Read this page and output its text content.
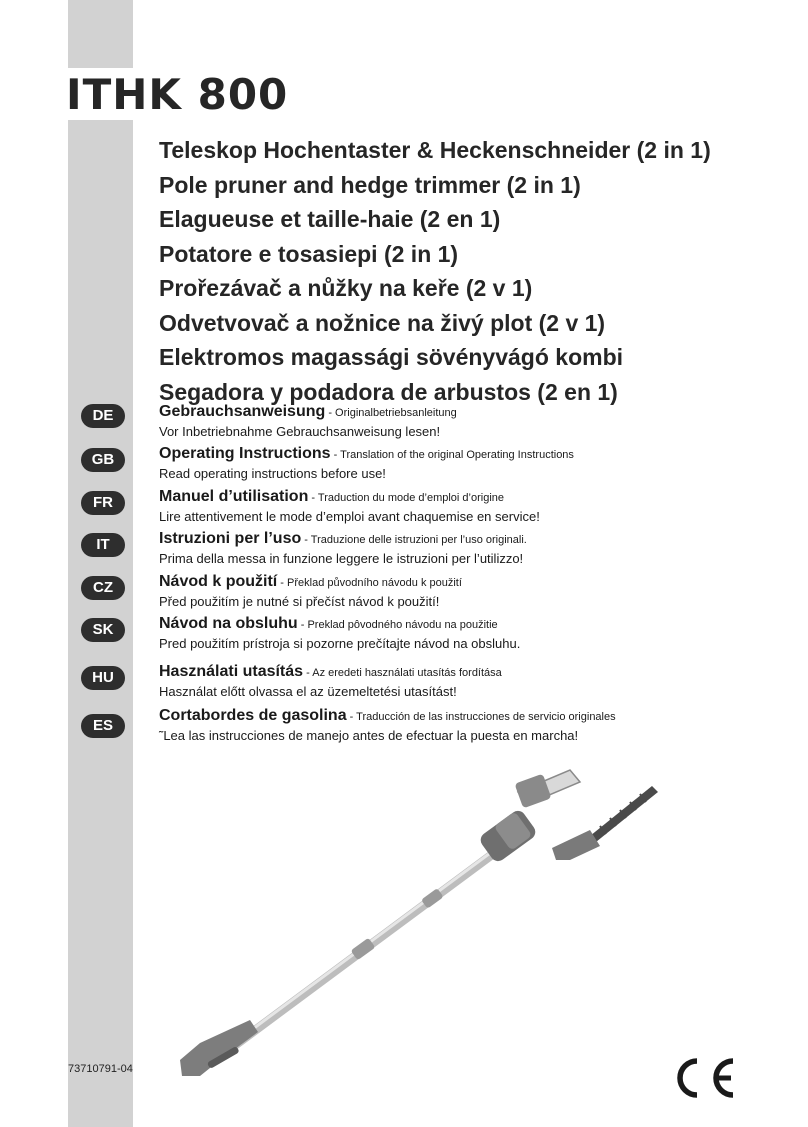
ITHK 800
Teleskop Hochentaster & Heckenschneider (2 in 1)
Pole pruner and hedge trimmer (2 in 1)
Elagueuse et taille-haie (2 en 1)
Potatore e tosasiepi (2 in 1)
Prořezávač a nůžky na keře (2 v 1)
Odvetvovač a nožnice na živý plot (2 v 1)
Elektromos magassági sövényvágó kombi
Segadora y podadora de arbustos (2 en 1)
DE
GB
FR
IT
CZ
SK
HU
ES
Gebrauchsanweisung - Originalbetriebsanleitung
Vor Inbetriebnahme Gebrauchsanweisung lesen!
Operating Instructions - Translation of the original Operating Instructions
Read operating instructions before use!
Manuel d’utilisation - Traduction du mode d’emploi d’origine
Lire attentivement le mode d’emploi avant chaquemise en service!
Istruzioni per l’uso - Traduzione delle istruzioni per l’uso originali.
Prima della messa in funzione leggere le istruzioni per l’utilizzo!
Návod k použití - Překlad původního návodu k použití
Před použitím je nutné si přečíst návod k použití!
Návod na obsluhu - Preklad pôvodného návodu na použitie
Pred použitím prístroja si pozorne prečítajte návod na obsluhu.
Használati utasítás - Az eredeti használati utasítás fordítása
Használat előtt olvassa el az üzemeltetési utasítást!
Cortabordes de gasolina - Traducción de las instrucciones de servicio originales
˜Lea las instrucciones de manejo antes de efectuar la puesta en marcha!
73710791-04
